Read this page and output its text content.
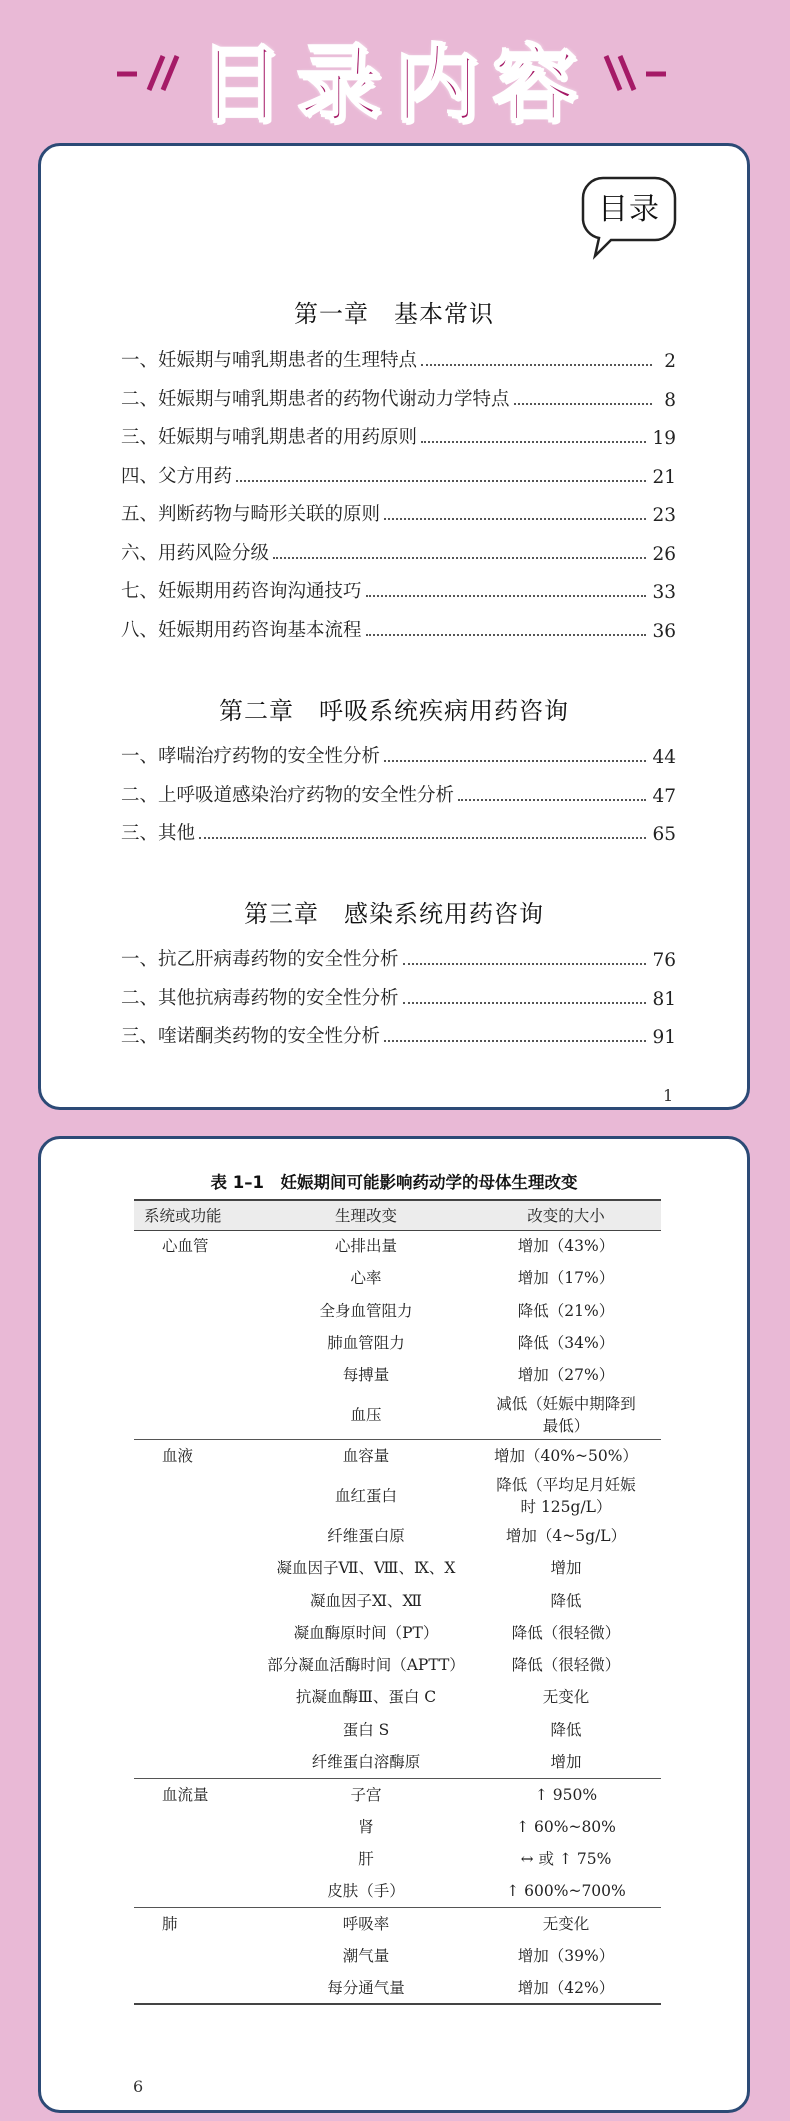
目录内容
目录
第一章　基本常识
一、妊娠期与哺乳期患者的生理特点	2
二、妊娠期与哺乳期患者的药物代谢动力学特点	8
三、妊娠期与哺乳期患者的用药原则	19
四、父方用药	21
五、判断药物与畸形关联的原则	23
六、用药风险分级	26
七、妊娠期用药咨询沟通技巧	33
八、妊娠期用药咨询基本流程	36
第二章　呼吸系统疾病用药咨询
一、哮喘治疗药物的安全性分析	44
二、上呼吸道感染治疗药物的安全性分析	47
三、其他	65
第三章　感染系统用药咨询
一、抗乙肝病毒药物的安全性分析	76
二、其他抗病毒药物的安全性分析	81
三、喹诺酮类药物的安全性分析	91
1
表 1–1　妊娠期间可能影响药动学的母体生理改变
系统或功能	生理改变	改变的大小
心血管	心排出量	增加（43%）
	心率	增加（17%）
	全身血管阻力	降低（21%）
	肺血管阻力	降低（34%）
	每搏量	增加（27%）
	血压	减低（妊娠中期降到最低）
血液	血容量	增加（40%~50%）
	血红蛋白	降低（平均足月妊娠时 125g/L）
	纤维蛋白原	增加（4~5g/L）
	凝血因子Ⅶ、Ⅷ、Ⅸ、Ⅹ	增加
	凝血因子Ⅺ、Ⅻ	降低
	凝血酶原时间（PT）	降低（很轻微）
	部分凝血活酶时间（APTT）	降低（很轻微）
	抗凝血酶Ⅲ、蛋白 C	无变化
	蛋白 S	降低
	纤维蛋白溶酶原	增加
血流量	子宫	↑ 950%
	肾	↑ 60%~80%
	肝	↔ 或 ↑ 75%
	皮肤（手）	↑ 600%~700%
肺	呼吸率	无变化
	潮气量	增加（39%）
	每分通气量	增加（42%）
6
